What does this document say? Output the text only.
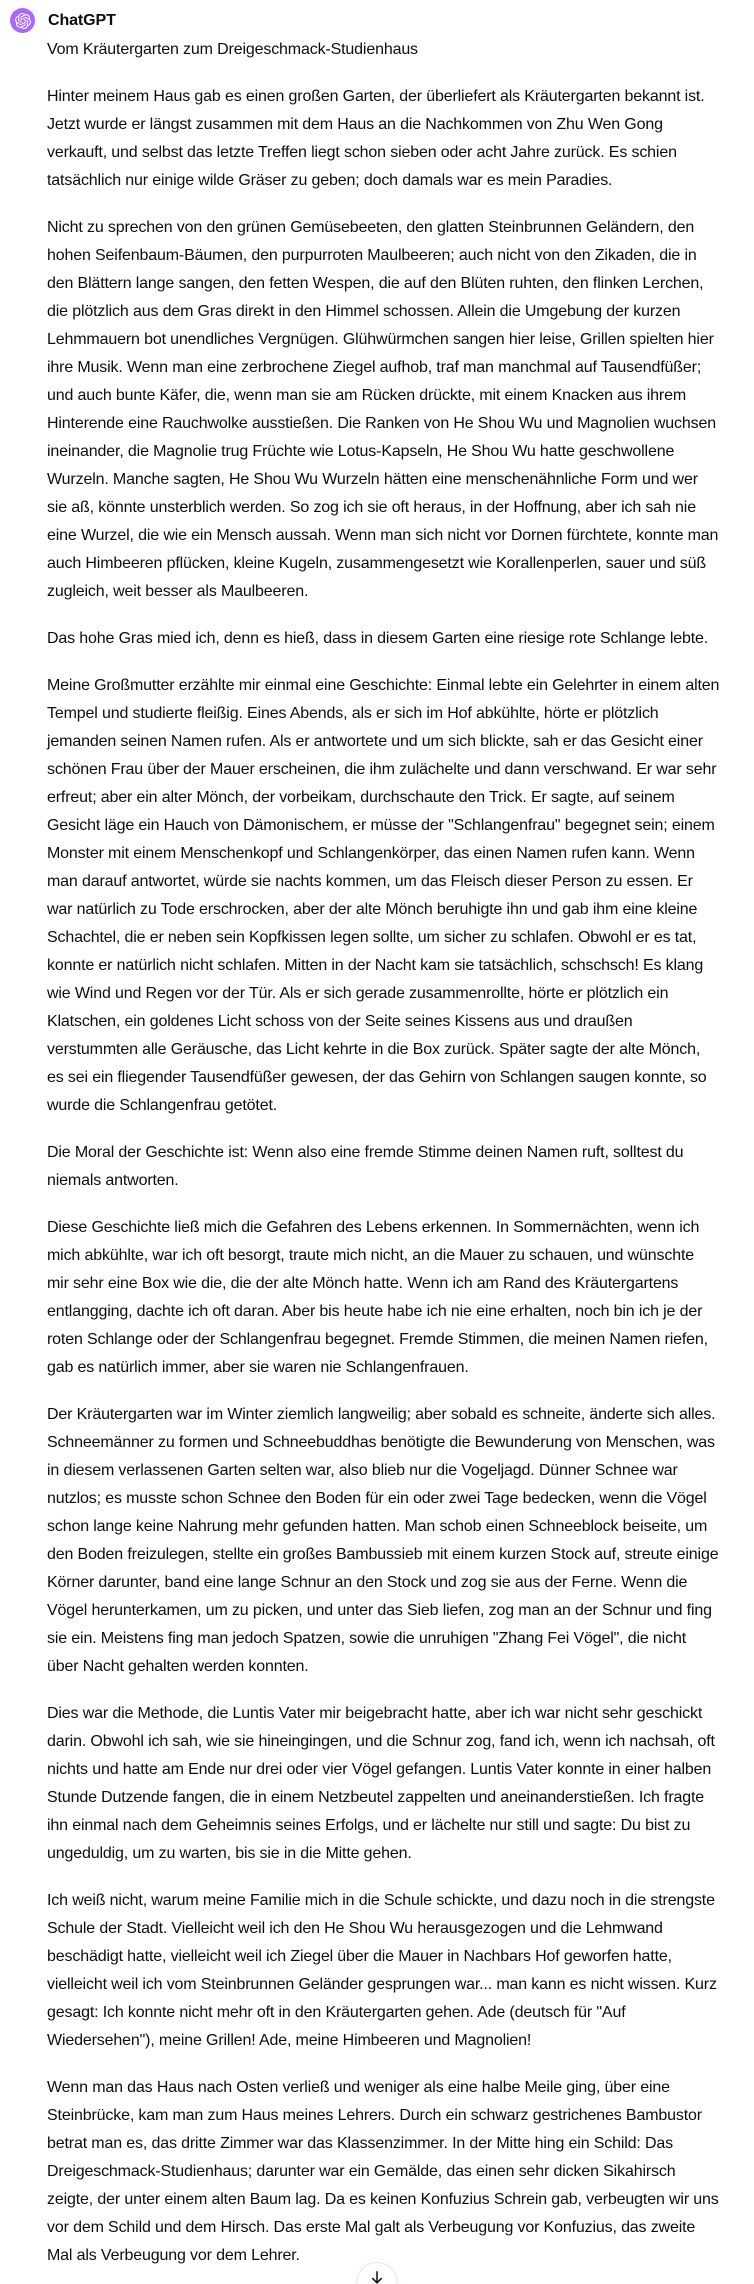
ChatGPT

Vom Kräutergarten zum Dreigeschmack-Studienhaus

Hinter meinem Haus gab es einen großen Garten, der überliefert als Kräutergarten bekannt ist. Jetzt wurde er längst zusammen mit dem Haus an die Nachkommen von Zhu Wen Gong verkauft, und selbst das letzte Treffen liegt schon sieben oder acht Jahre zurück. Es schien tatsächlich nur einige wilde Gräser zu geben; doch damals war es mein Paradies.

Nicht zu sprechen von den grünen Gemüsebeeten, den glatten Steinbrunnen Geländern, den hohen Seifenbaum-Bäumen, den purpurroten Maulbeeren; auch nicht von den Zikaden, die in den Blättern lange sangen, den fetten Wespen, die auf den Blüten ruhten, den flinken Lerchen, die plötzlich aus dem Gras direkt in den Himmel schossen. Allein die Umgebung der kurzen Lehmmauern bot unendliches Vergnügen. Glühwürmchen sangen hier leise, Grillen spielten hier ihre Musik. Wenn man eine zerbrochene Ziegel aufhob, traf man manchmal auf Tausendfüßer; und auch bunte Käfer, die, wenn man sie am Rücken drückte, mit einem Knacken aus ihrem Hinterende eine Rauchwolke ausstießen. Die Ranken von He Shou Wu und Magnolien wuchsen ineinander, die Magnolie trug Früchte wie Lotus-Kapseln, He Shou Wu hatte geschwollene Wurzeln. Manche sagten, He Shou Wu Wurzeln hätten eine menschenähnliche Form und wer sie aß, könnte unsterblich werden. So zog ich sie oft heraus, in der Hoffnung, aber ich sah nie eine Wurzel, die wie ein Mensch aussah. Wenn man sich nicht vor Dornen fürchtete, konnte man auch Himbeeren pflücken, kleine Kugeln, zusammengesetzt wie Korallenperlen, sauer und süß zugleich, weit besser als Maulbeeren.

Das hohe Gras mied ich, denn es hieß, dass in diesem Garten eine riesige rote Schlange lebte.

Meine Großmutter erzählte mir einmal eine Geschichte: Einmal lebte ein Gelehrter in einem alten Tempel und studierte fleißig. Eines Abends, als er sich im Hof abkühlte, hörte er plötzlich jemanden seinen Namen rufen. Als er antwortete und um sich blickte, sah er das Gesicht einer schönen Frau über der Mauer erscheinen, die ihm zulächelte und dann verschwand. Er war sehr erfreut; aber ein alter Mönch, der vorbeikam, durchschaute den Trick. Er sagte, auf seinem Gesicht läge ein Hauch von Dämonischem, er müsse der "Schlangenfrau" begegnet sein; einem Monster mit einem Menschenkopf und Schlangenkörper, das einen Namen rufen kann. Wenn man darauf antwortet, würde sie nachts kommen, um das Fleisch dieser Person zu essen. Er war natürlich zu Tode erschrocken, aber der alte Mönch beruhigte ihn und gab ihm eine kleine Schachtel, die er neben sein Kopfkissen legen sollte, um sicher zu schlafen. Obwohl er es tat, konnte er natürlich nicht schlafen. Mitten in der Nacht kam sie tatsächlich, schschsch! Es klang wie Wind und Regen vor der Tür. Als er sich gerade zusammenrollte, hörte er plötzlich ein Klatschen, ein goldenes Licht schoss von der Seite seines Kissens aus und draußen verstummten alle Geräusche, das Licht kehrte in die Box zurück. Später sagte der alte Mönch, es sei ein fliegender Tausendfüßer gewesen, der das Gehirn von Schlangen saugen konnte, so wurde die Schlangenfrau getötet.

Die Moral der Geschichte ist: Wenn also eine fremde Stimme deinen Namen ruft, solltest du niemals antworten.

Diese Geschichte ließ mich die Gefahren des Lebens erkennen. In Sommernächten, wenn ich mich abkühlte, war ich oft besorgt, traute mich nicht, an die Mauer zu schauen, und wünschte mir sehr eine Box wie die, die der alte Mönch hatte. Wenn ich am Rand des Kräutergartens entlangging, dachte ich oft daran. Aber bis heute habe ich nie eine erhalten, noch bin ich je der roten Schlange oder der Schlangenfrau begegnet. Fremde Stimmen, die meinen Namen riefen, gab es natürlich immer, aber sie waren nie Schlangenfrauen.

Der Kräutergarten war im Winter ziemlich langweilig; aber sobald es schneite, änderte sich alles. Schneemänner zu formen und Schneebuddhas benötigte die Bewunderung von Menschen, was in diesem verlassenen Garten selten war, also blieb nur die Vogeljagd. Dünner Schnee war nutzlos; es musste schon Schnee den Boden für ein oder zwei Tage bedecken, wenn die Vögel schon lange keine Nahrung mehr gefunden hatten. Man schob einen Schneeblock beiseite, um den Boden freizulegen, stellte ein großes Bambussieb mit einem kurzen Stock auf, streute einige Körner darunter, band eine lange Schnur an den Stock und zog sie aus der Ferne. Wenn die Vögel herunterkamen, um zu picken, und unter das Sieb liefen, zog man an der Schnur und fing sie ein. Meistens fing man jedoch Spatzen, sowie die unruhigen "Zhang Fei Vögel", die nicht über Nacht gehalten werden konnten.

Dies war die Methode, die Luntis Vater mir beigebracht hatte, aber ich war nicht sehr geschickt darin. Obwohl ich sah, wie sie hineingingen, und die Schnur zog, fand ich, wenn ich nachsah, oft nichts und hatte am Ende nur drei oder vier Vögel gefangen. Luntis Vater konnte in einer halben Stunde Dutzende fangen, die in einem Netzbeutel zappelten und aneinanderstießen. Ich fragte ihn einmal nach dem Geheimnis seines Erfolgs, und er lächelte nur still und sagte: Du bist zu ungeduldig, um zu warten, bis sie in die Mitte gehen.

Ich weiß nicht, warum meine Familie mich in die Schule schickte, und dazu noch in die strengste Schule der Stadt. Vielleicht weil ich den He Shou Wu herausgezogen und die Lehmwand beschädigt hatte, vielleicht weil ich Ziegel über die Mauer in Nachbars Hof geworfen hatte, vielleicht weil ich vom Steinbrunnen Geländer gesprungen war... man kann es nicht wissen. Kurz gesagt: Ich konnte nicht mehr oft in den Kräutergarten gehen. Ade (deutsch für "Auf Wiedersehen"), meine Grillen! Ade, meine Himbeeren und Magnolien!

Wenn man das Haus nach Osten verließ und weniger als eine halbe Meile ging, über eine Steinbrücke, kam man zum Haus meines Lehrers. Durch ein schwarz gestrichenes Bambustor betrat man es, das dritte Zimmer war das Klassenzimmer. In der Mitte hing ein Schild: Das Dreigeschmack-Studienhaus; darunter war ein Gemälde, das einen sehr dicken Sikahirsch zeigte, der unter einem alten Baum lag. Da es keinen Konfuzius Schrein gab, verbeugten wir uns vor dem Schild und dem Hirsch. Das erste Mal galt als Verbeugung vor Konfuzius, das zweite Mal als Verbeugung vor dem Lehrer.
